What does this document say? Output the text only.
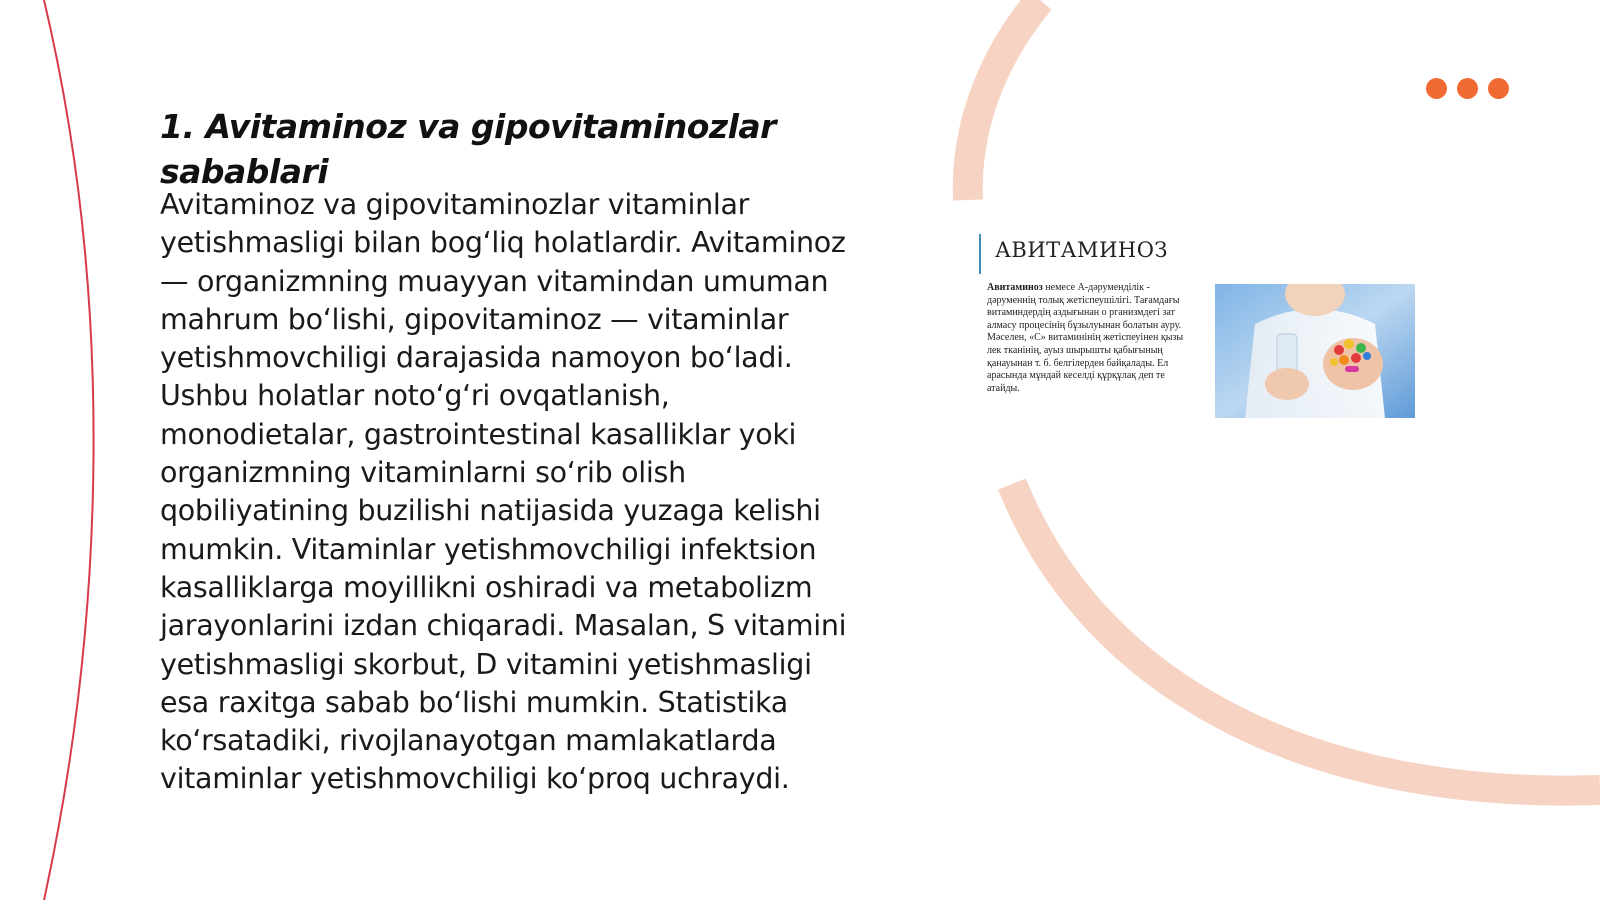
1. Avitaminoz va gipovitaminozlar sabablari

Avitaminoz va gipovitaminozlar vitaminlar yetishmasligi bilan bog‘liq holatlardir. Avitaminoz — organizmning muayyan vitamindan umuman mahrum bo‘lishi, gipovitaminoz — vitaminlar yetishmovchiligi darajasida namoyon bo‘ladi. Ushbu holatlar noto‘g‘ri ovqatlanish, monodietalar, gastrointestinal kasalliklar yoki organizmning vitaminlarni so‘rib olish qobiliyatining buzilishi natijasida yuzaga kelishi mumkin. Vitaminlar yetishmovchiligi infektsion kasalliklarga moyillikni oshiradi va metabolizm jarayonlarini izdan chiqaradi. Masalan, S vitamini yetishmasligi skorbut, D vitamini yetishmasligi esa raxitga sabab bo‘lishi mumkin. Statistika ko‘rsatadiki, rivojlanayotgan mamlakatlarda vitaminlar yetishmovchiligi ko‘proq uchraydi.

АВИТАМИНОЗ

Авитаминоз немесе А-дәруменділік - дәруменнің толық жетіспеушілігі. Тағамдағы витаминдердің аздығынан о рганизмдегі зат алмасу процесінің бұзылуынан болатын ауру. Мәселен, «С» витаминінің жетіспеуінен қызы лек тканінің, ауыз шырышты қабығының қанауынан т. б. белгілерден байқалады. Ел арасында мұндай кеселді құрқұлақ деп те атайды.
